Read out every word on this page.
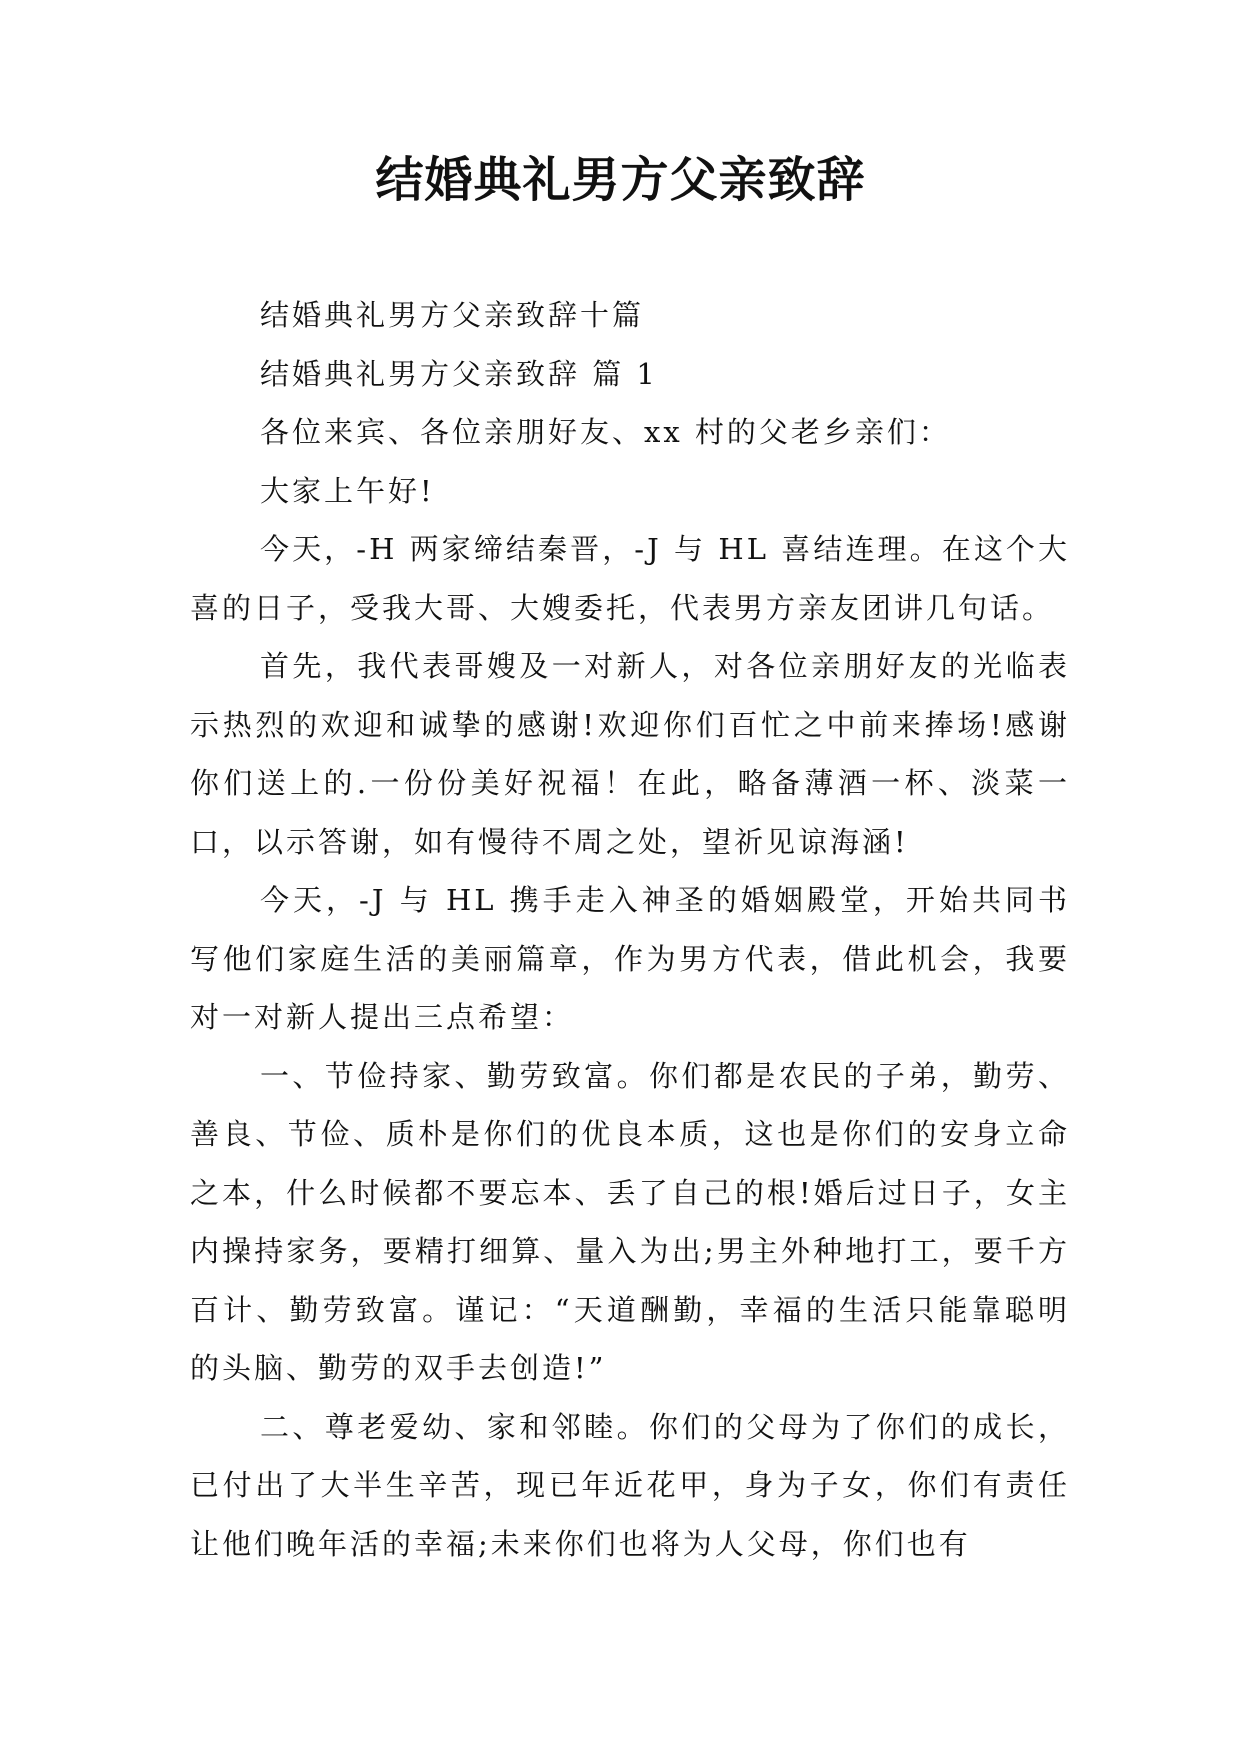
结婚典礼男方父亲致辞

结婚典礼男方父亲致辞十篇

结婚典礼男方父亲致辞 篇 1

各位来宾、各位亲朋好友、xx 村的父老乡亲们：

大家上午好!

今天，-H 两家缔结秦晋，-J 与 HL 喜结连理。在这个大喜的日子，受我大哥、大嫂委托，代表男方亲友团讲几句话。

首先，我代表哥嫂及一对新人，对各位亲朋好友的光临表示热烈的欢迎和诚挚的感谢!欢迎你们百忙之中前来捧场!感谢你们送上的.一份份美好祝福！在此，略备薄酒一杯、淡菜一口，以示答谢，如有慢待不周之处，望祈见谅海涵!

今天，-J 与 HL 携手走入神圣的婚姻殿堂，开始共同书写他们家庭生活的美丽篇章，作为男方代表，借此机会，我要对一对新人提出三点希望：

一、节俭持家、勤劳致富。你们都是农民的子弟，勤劳、善良、节俭、质朴是你们的优良本质，这也是你们的安身立命之本，什么时候都不要忘本、丢了自己的根!婚后过日子，女主内操持家务，要精打细算、量入为出;男主外种地打工，要千方百计、勤劳致富。谨记：“天道酬勤，幸福的生活只能靠聪明的头脑、勤劳的双手去创造!”

二、尊老爱幼、家和邻睦。你们的父母为了你们的成长，已付出了大半生辛苦，现已年近花甲，身为子女，你们有责任让他们晚年活的幸福;未来你们也将为人父母，你们也有
